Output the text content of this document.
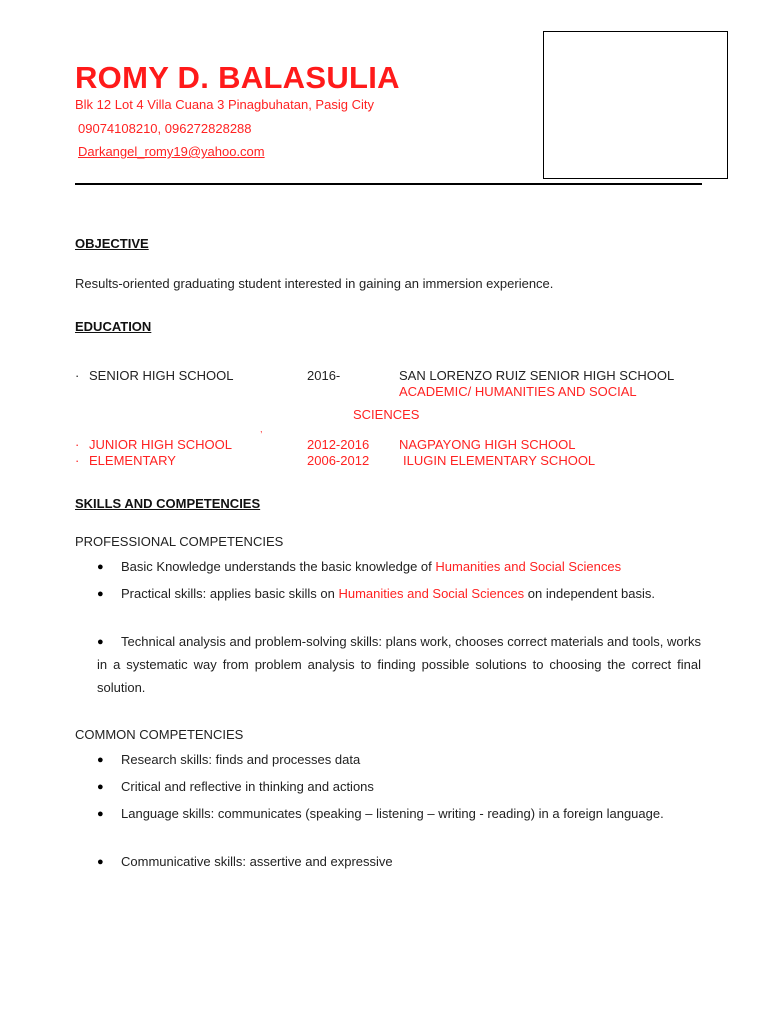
ROMY D. BALASULIA
Blk 12 Lot 4 Villa Cuana 3 Pinagbuhatan, Pasig City
09074108210, 096272828288
Darkangel_romy19@yahoo.com
OBJECTIVE
Results-oriented graduating student interested in gaining an immersion experience.
EDUCATION
· SENIOR HIGH SCHOOL	2016-	SAN LORENZO RUIZ SENIOR HIGH SCHOOL
ACADEMIC/ HUMANITIES AND SOCIAL
SCIENCES
,
· JUNIOR HIGH SCHOOL	2012-2016 NAGPAYONG HIGH SCHOOL
· ELEMENTARY	2006-2012	ILUGIN ELEMENTARY SCHOOL
SKILLS AND COMPETENCIES
PROFESSIONAL COMPETENCIES
●	Basic Knowledge understands the basic knowledge of Humanities and Social Sciences
●	Practical skills: applies basic skills on Humanities and Social Sciences on independent basis.
●	Technical analysis and problem-solving skills: plans work, chooses correct materials and tools, works in a systematic way from problem analysis to finding possible solutions to choosing the correct final solution.
COMMON COMPETENCIES
●	Research skills: finds and processes data
●	Critical and reflective in thinking and actions
●	Language skills: communicates (speaking – listening – writing - reading) in a foreign language.
●	Communicative skills: assertive and expressive
